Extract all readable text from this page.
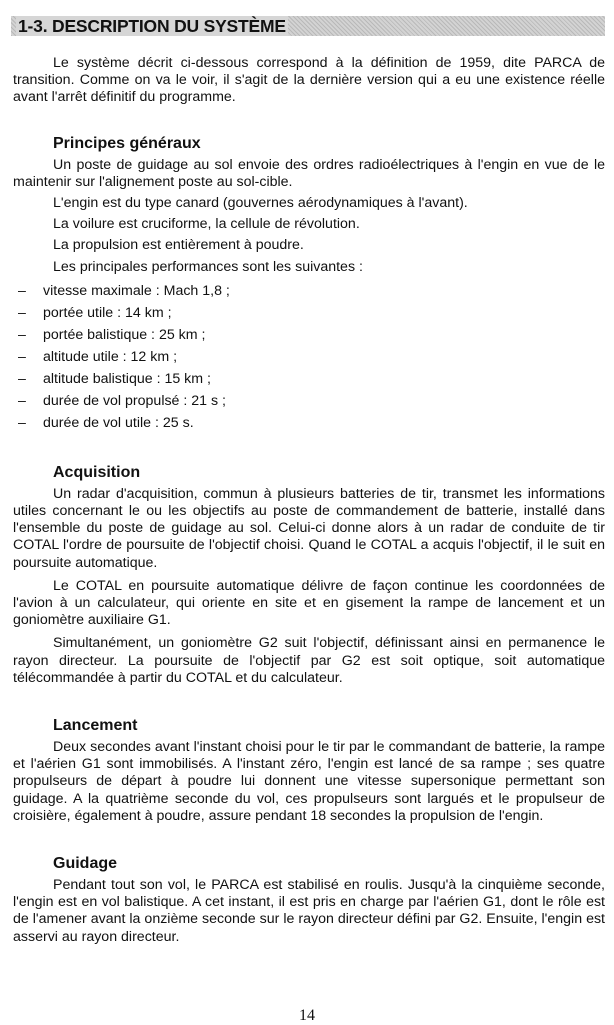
1-3. DESCRIPTION DU SYSTÈME

Le système décrit ci-dessous correspond à la définition de 1959, dite PARCA de transition. Comme on va le voir, il s'agit de la dernière version qui a eu une existence réelle avant l'arrêt définitif du programme.

Principes généraux

Un poste de guidage au sol envoie des ordres radioélectriques à l'engin en vue de le maintenir sur l'alignement poste au sol-cible.

L'engin est du type canard (gouvernes aérodynamiques à l'avant).

La voilure est cruciforme, la cellule de révolution.

La propulsion est entièrement à poudre.

Les principales performances sont les suivantes :

– vitesse maximale : Mach 1,8 ;
– portée utile : 14 km ;
– portée balistique : 25 km ;
– altitude utile : 12 km ;
– altitude balistique : 15 km ;
– durée de vol propulsé : 21 s ;
– durée de vol utile : 25 s.
Acquisition

Un radar d'acquisition, commun à plusieurs batteries de tir, transmet les informations utiles concernant le ou les objectifs au poste de commandement de batterie, installé dans l'ensemble du poste de guidage au sol. Celui-ci donne alors à un radar de conduite de tir COTAL l'ordre de poursuite de l'objectif choisi. Quand le COTAL a acquis l'objectif, il le suit en poursuite automatique.

Le COTAL en poursuite automatique délivre de façon continue les coordonnées de l'avion à un calculateur, qui oriente en site et en gisement la rampe de lancement et un goniomètre auxiliaire G1.

Simultanément, un goniomètre G2 suit l'objectif, définissant ainsi en permanence le rayon directeur. La poursuite de l'objectif par G2 est soit optique, soit automatique télécommandée à partir du COTAL et du calculateur.

Lancement

Deux secondes avant l'instant choisi pour le tir par le commandant de batterie, la rampe et l'aérien G1 sont immobilisés. A l'instant zéro, l'engin est lancé de sa rampe ; ses quatre propulseurs de départ à poudre lui donnent une vitesse supersonique permettant son guidage. A la quatrième seconde du vol, ces propulseurs sont largués et le propulseur de croisière, également à poudre, assure pendant 18 secondes la propulsion de l'engin.

Guidage

Pendant tout son vol, le PARCA est stabilisé en roulis. Jusqu'à la cinquième seconde, l'engin est en vol balistique. A cet instant, il est pris en charge par l'aérien G1, dont le rôle est de l'amener avant la onzième seconde sur le rayon directeur défini par G2. Ensuite, l'engin est asservi au rayon directeur.

14
